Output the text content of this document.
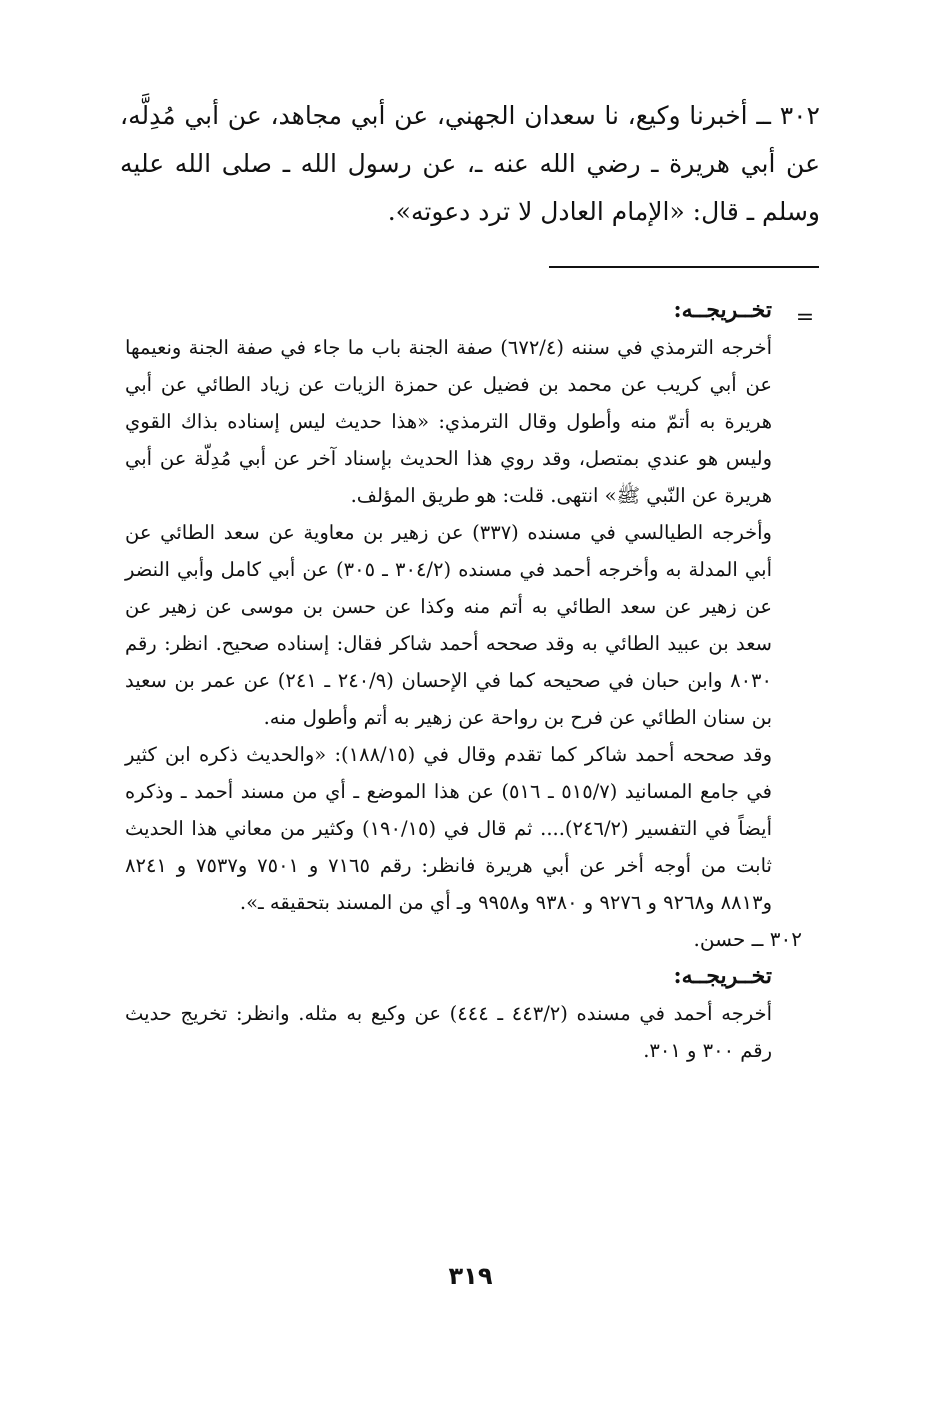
٣٠٢ ــ أخبرنا وكيع، نا سعدان الجهني، عن أبي مجاهد، عن أبي مُدِلَّه، عن أبي هريرة ـ رضي الله عنه ـ، عن رسول الله ـ صلى الله عليه وسلم ـ قال: «الإمام العادل لا ترد دعوته».

=

تخــريجــه:

أخرجه الترمذي في سننه (٦٧٢/٤) صفة الجنة باب ما جاء في صفة الجنة ونعيمها عن أبي كريب عن محمد بن فضيل عن حمزة الزيات عن زياد الطائي عن أبي هريرة به أتمّ منه وأطول وقال الترمذي: «هذا حديث ليس إسناده بذاك القوي وليس هو عندي بمتصل، وقد روي هذا الحديث بإسناد آخر عن أبي مُدِلّة عن أبي هريرة عن النّبي ﷺ» انتهى. قلت: هو طريق المؤلف.

وأخرجه الطيالسي في مسنده (٣٣٧) عن زهير بن معاوية عن سعد الطائي عن أبي المدلة به وأخرجه أحمد في مسنده (٣٠٤/٢ ـ ٣٠٥) عن أبي كامل وأبي النضر عن زهير عن سعد الطائي به أتم منه وكذا عن حسن بن موسى عن زهير عن سعد بن عبيد الطائي به وقد صححه أحمد شاكر فقال: إسناده صحيح. انظر: رقم ٨٠٣٠ وابن حبان في صحيحه كما في الإحسان (٢٤٠/٩ ـ ٢٤١) عن عمر بن سعيد بن سنان الطائي عن فرح بن رواحة عن زهير به أتم وأطول منه.

وقد صححه أحمد شاكر كما تقدم وقال في (١٨٨/١٥): «والحديث ذكره ابن كثير في جامع المسانيد (٥١٥/٧ ـ ٥١٦) عن هذا الموضع ـ أي من مسند أحمد ـ وذكره أيضاً في التفسير (٢٤٦/٢).... ثم قال في (١٩٠/١٥) وكثير من معاني هذا الحديث ثابت من أوجه أخر عن أبي هريرة فانظر: رقم ٧١٦٥ و ٧٥٠١ و٧٥٣٧ و ٨٢٤١ و٨٨١٣ و٩٢٦٨ و ٩٢٧٦ و ٩٣٨٠ و٩٩٥٨ وـ أي من المسند بتحقيقه ـ».

٣٠٢ ــ حسن.

تخــريجــه:

أخرجه أحمد في مسنده (٤٤٣/٢ ـ ٤٤٤) عن وكيع به مثله. وانظر: تخريج حديث رقم ٣٠٠ و ٣٠١.

٣١٩
